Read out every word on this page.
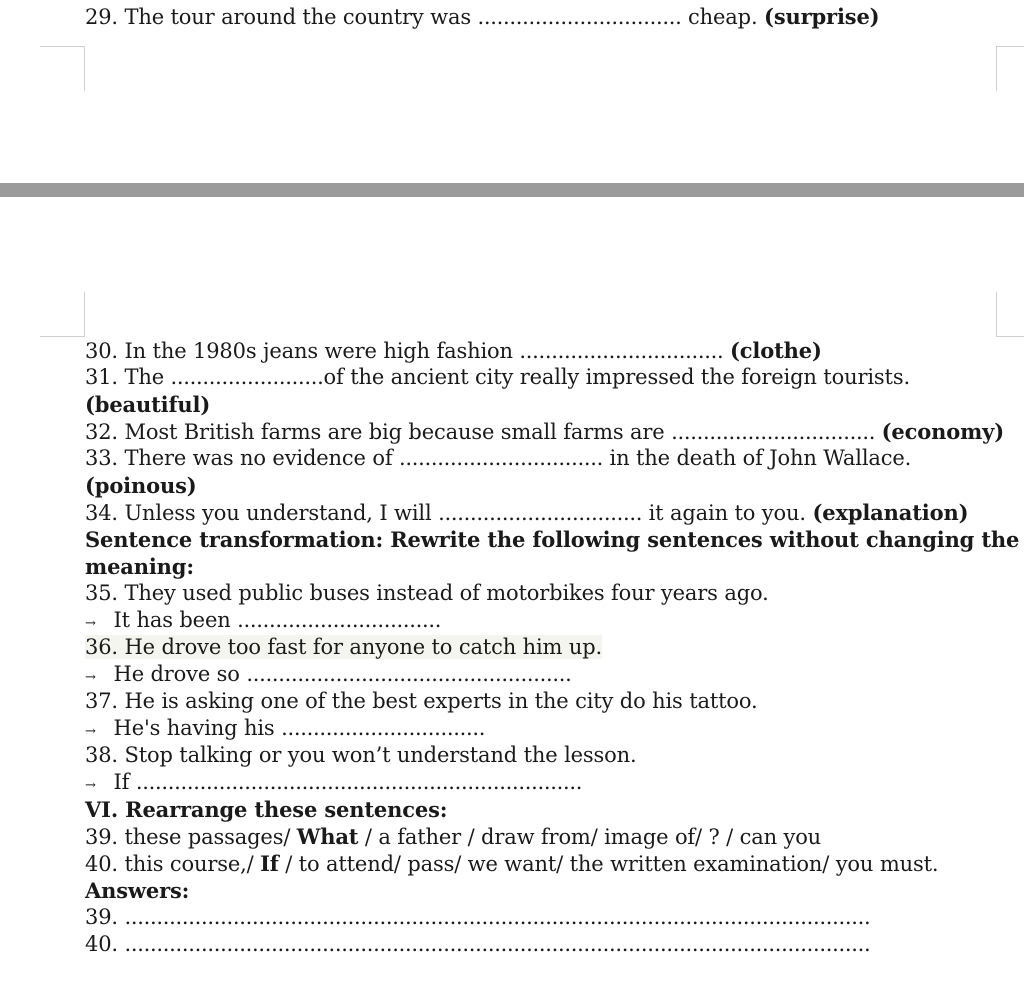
29. The tour around the country was ................................ cheap. (surprise)
30. In the 1980s jeans were high fashion ................................ (clothe)
31. The ........................of the ancient city really impressed the foreign tourists.
(beautiful)
32. Most British farms are big because small farms are ................................ (economy)
33. There was no evidence of ................................ in the death of John Wallace.
(poinous)
34. Unless you understand, I will ................................ it again to you. (explanation)
Sentence transformation: Rewrite the following sentences without changing the
meaning:
35. They used public buses instead of motorbikes four years ago.
→ It has been ................................
36. He drove too fast for anyone to catch him up.
→ He drove so ...................................................
37. He is asking one of the best experts in the city do his tattoo.
→ He's having his ................................
38. Stop talking or you won’t understand the lesson.
→ If ......................................................................
VI. Rearrange these sentences:
39. these passages/ What / a father / draw from/ image of/ ? / can you
40. this course,/ If / to attend/ pass/ we want/ the written examination/ you must.
Answers:
39. .....................................................................................................................
40. .....................................................................................................................
